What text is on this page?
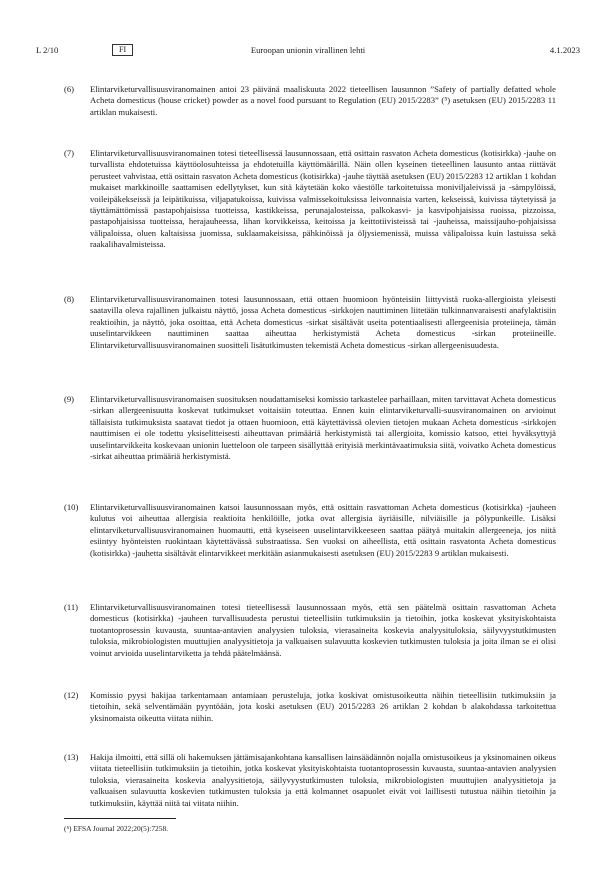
L 2/10	FI	Euroopan unionin virallinen lehti	4.1.2023
(6) Elintarviketurvallisuusviranomainen antoi 23 päivänä maaliskuuta 2022 tieteellisen lausunnon ”Safety of partially defatted whole Acheta domesticus (house cricket) powder as a novel food pursuant to Regulation (EU) 2015/2283” (⁵) asetuksen (EU) 2015/2283 11 artiklan mukaisesti.
(7) Elintarviketurvallisuusviranomainen totesi tieteellisessä lausunnossaan, että osittain rasvaton Acheta domesticus (kotisirkka) -jauhe on turvallista ehdotetuissa käyttöolosuhteissa ja ehdotetuilla käyttömäärillä. Näin ollen kyseinen tieteellinen lausunto antaa riittävät perusteet vahvistaa, että osittain rasvaton Acheta domesticus (kotisirkka) -jauhe täyttää asetuksen (EU) 2015/2283 12 artiklan 1 kohdan mukaiset markkinoille saattamisen edellytykset, kun sitä käytetään koko väestölle tarkoitetuissa moniviljaleivissä ja -sämpylöissä, voileipäkekseissä ja leipätikuissa, viljapatukoissa, kuivissa valmissekoituksissa leivonnaisia varten, kekseissä, kuivissa täytetyissä ja täyttämättömissä pastapohjaisissa tuotteissa, kastikkeissa, perunajalosteissa, palkokasvi- ja kasvipohjaisissa ruoissa, pizzoissa, pastapohjaisissa tuotteissa, herajauheessa, lihan korvikkeissa, keitoissa ja keittotiivisteissä tai -jauheissa, maissijauho-pohjaisissa välipaloissa, oluen kaltaisissa juomissa, suklaamakeisissa, pähkinöissä ja öljysiemenissä, muissa välipaloissa kuin lastuissa sekä raakalihavalmisteissa.
(8) Elintarviketurvallisuusviranomainen totesi lausunnossaan, että ottaen huomioon hyönteisiin liittyvistä ruoka-allergioista yleisesti saatavilla oleva rajallinen julkaistu näyttö, jossa Acheta domesticus -sirkkojen nauttiminen liitetään tulkinnanvaraisesti anafylaktisiin reaktioihin, ja näyttö, joka osoittaa, että Acheta domesticus -sirkat sisältävät useita potentiaalisesti allergeenisia proteiineja, tämän uuselintarvikkeen nauttiminen saattaa aiheuttaa herkistymistä Acheta domesticus -sirkan proteiineille. Elintarviketurvallisuusviranomainen suositteli lisätutkimusten tekemistä Acheta domesticus -sirkan allergeenisuudesta.
(9) Elintarviketurvallisuusviranomaisen suosituksen noudattamiseksi komissio tarkastelee parhaillaan, miten tarvittavat Acheta domesticus -sirkan allergeenisuutta koskevat tutkimukset voitaisiin toteuttaa. Ennen kuin elintarviketurvalli-suusviranomainen on arvioinut tällaisista tutkimuksista saatavat tiedot ja ottaen huomioon, että käytettävissä olevien tietojen mukaan Acheta domesticus -sirkkojen nauttimisen ei ole todettu yksiselitteisesti aiheuttavan primääriä herkistymistä tai allergioita, komissio katsoo, ettei hyväksyttyjä uuselintarvikkeita koskevaan unionin luetteloon ole tarpeen sisällyttää erityisiä merkintävaatimuksia siitä, voivatko Acheta domesticus -sirkat aiheuttaa primääriä herkistymistä.
(10) Elintarviketurvallisuusviranomainen katsoi lausunnossaan myös, että osittain rasvattoman Acheta domesticus (kotisirkka) -jauheen kulutus voi aiheuttaa allergisia reaktioita henkilöille, jotka ovat allergisia äyriäisille, nilviäisille ja pölypunkeille. Lisäksi elintarviketurvallisuusviranomainen huomautti, että kyseiseen uuselintarvikkeeseen saattaa päätyä muitakin allergeeneja, jos niitä esiintyy hyönteisten ruokintaan käytettävässä substraatissa. Sen vuoksi on aiheellista, että osittain rasvatonta Acheta domesticus (kotisirkka) -jauhetta sisältävät elintarvikkeet merkitään asianmukaisesti asetuksen (EU) 2015/2283 9 artiklan mukaisesti.
(11) Elintarviketurvallisuusviranomainen totesi tieteellisessä lausunnossaan myös, että sen päätelmä osittain rasvattoman Acheta domesticus (kotisirkka) -jauheen turvallisuudesta perustui tieteellisiin tutkimuksiin ja tietoihin, jotka koskevat yksityiskohtaista tuotantoprosessin kuvausta, suuntaa-antavien analyysien tuloksia, vierasaineita koskevia analyysituloksia, säilyvyystutkimusten tuloksia, mikrobiologisten muuttujien analyysitietoja ja valkuaisen sulavuutta koskevien tutkimusten tuloksia ja joita ilman se ei olisi voinut arvioida uuselintarviketta ja tehdä päätelmäänsä.
(12) Komissio pyysi hakijaa tarkentamaan antamiaan perusteluja, jotka koskivat omistusoikeutta näihin tieteellisiin tutkimuksiin ja tietoihin, sekä selventämään pyyntöään, jota koski asetuksen (EU) 2015/2283 26 artiklan 2 kohdan b alakohdassa tarkoitettua yksinomaista oikeutta viitata niihin.
(13) Hakija ilmoitti, että sillä oli hakemuksen jättämisajankohtana kansallisen lainsäädännön nojalla omistusoikeus ja yksinomainen oikeus viitata tieteellisiin tutkimuksiin ja tietoihin, jotka koskevat yksityiskohtaista tuotantoprosessin kuvausta, suuntaa-antavien analyysien tuloksia, vierasaineita koskevia analyysitietoja, säilyvyystutkimusten tuloksia, mikrobiologisten muuttujien analyysitietoja ja valkuaisen sulavuutta koskevien tutkimusten tuloksia ja että kolmannet osapuolet eivät voi laillisesti tutustua näihin tietoihin ja tutkimuksiin, käyttää niitä tai viitata niihin.
(⁵) EFSA Journal 2022;20(5):7258.
